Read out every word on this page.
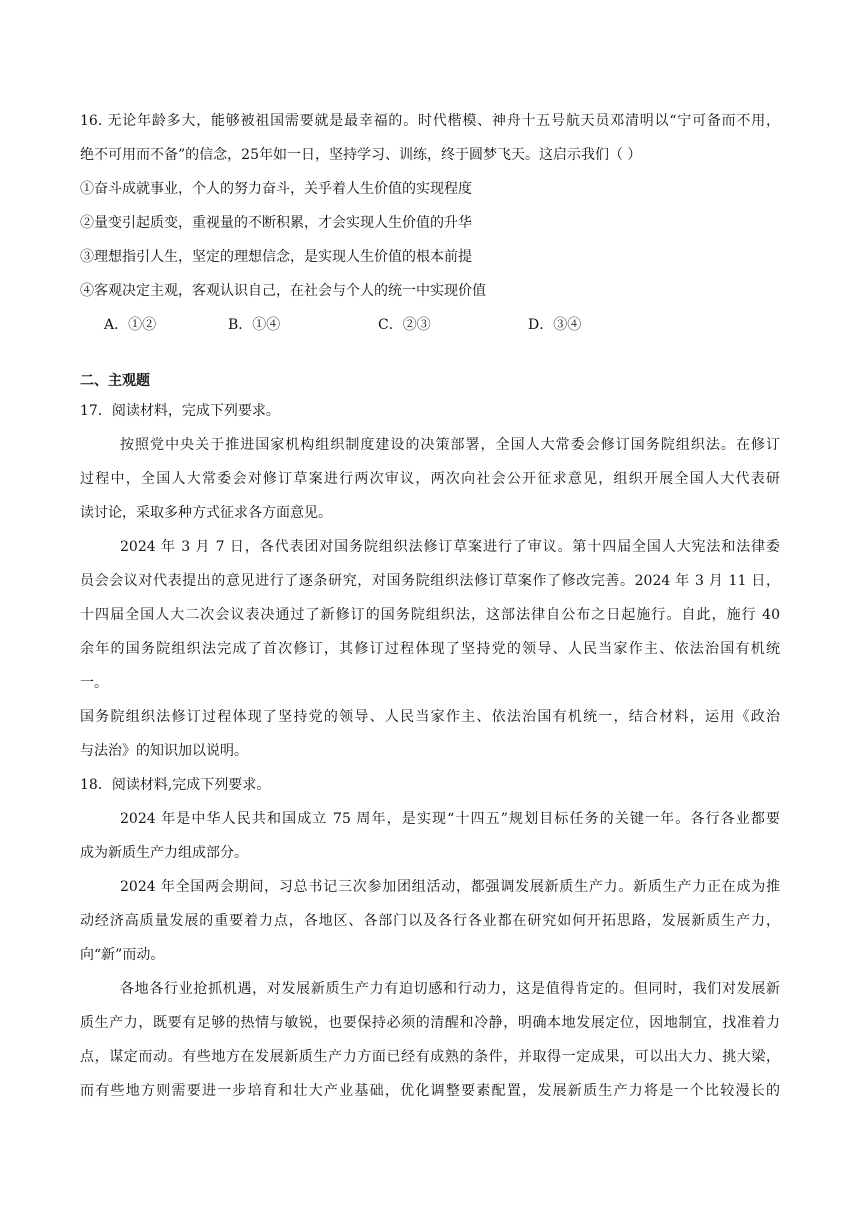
16. 无论年龄多大，能够被祖国需要就是最幸福的。时代楷模、神舟十五号航天员邓清明以“宁可备而不用，
绝不可用而不备”的信念，25年如一日，坚持学习、训练，终于圆梦飞天。这启示我们（ ）
①奋斗成就事业，个人的努力奋斗，关乎着人生价值的实现程度
②量变引起质变，重视量的不断积累，才会实现人生价值的升华
③理想指引人生，坚定的理想信念，是实现人生价值的根本前提
④客观决定主观，客观认识自己，在社会与个人的统一中实现价值
A．①②	B．①④	C．②③	D．③④
二、主观题
17．阅读材料，完成下列要求。
按照党中央关于推进国家机构组织制度建设的决策部署，全国人大常委会修订国务院组织法。在修订
过程中，全国人大常委会对修订草案进行两次审议，两次向社会公开征求意见，组织开展全国人大代表研
读讨论，采取多种方式征求各方面意见。
2024 年 3 月 7 日，各代表团对国务院组织法修订草案进行了审议。第十四届全国人大宪法和法律委
员会会议对代表提出的意见进行了逐条研究，对国务院组织法修订草案作了修改完善。2024 年 3 月 11 日，
十四届全国人大二次会议表决通过了新修订的国务院组织法，这部法律自公布之日起施行。自此，施行 40
余年的国务院组织法完成了首次修订，其修订过程体现了坚持党的领导、人民当家作主、依法治国有机统
一。
国务院组织法修订过程体现了坚持党的领导、人民当家作主、依法治国有机统一，结合材料，运用《政治
与法治》的知识加以说明。
18．阅读材料,完成下列要求。
2024 年是中华人民共和国成立 75 周年，是实现“十四五”规划目标任务的关键一年。各行各业都要
成为新质生产力组成部分。
2024 年全国两会期间，习总书记三次参加团组活动，都强调发展新质生产力。新质生产力正在成为推
动经济高质量发展的重要着力点，各地区、各部门以及各行各业都在研究如何开拓思路，发展新质生产力，
向“新”而动。
各地各行业抢抓机遇，对发展新质生产力有迫切感和行动力，这是值得肯定的。但同时，我们对发展新
质生产力，既要有足够的热情与敏锐，也要保持必须的清醒和冷静，明确本地发展定位，因地制宜，找准着力
点，谋定而动。有些地方在发展新质生产力方面已经有成熟的条件，并取得一定成果，可以出大力、挑大梁，
而有些地方则需要进一步培育和壮大产业基础，优化调整要素配置，发展新质生产力将是一个比较漫长的
